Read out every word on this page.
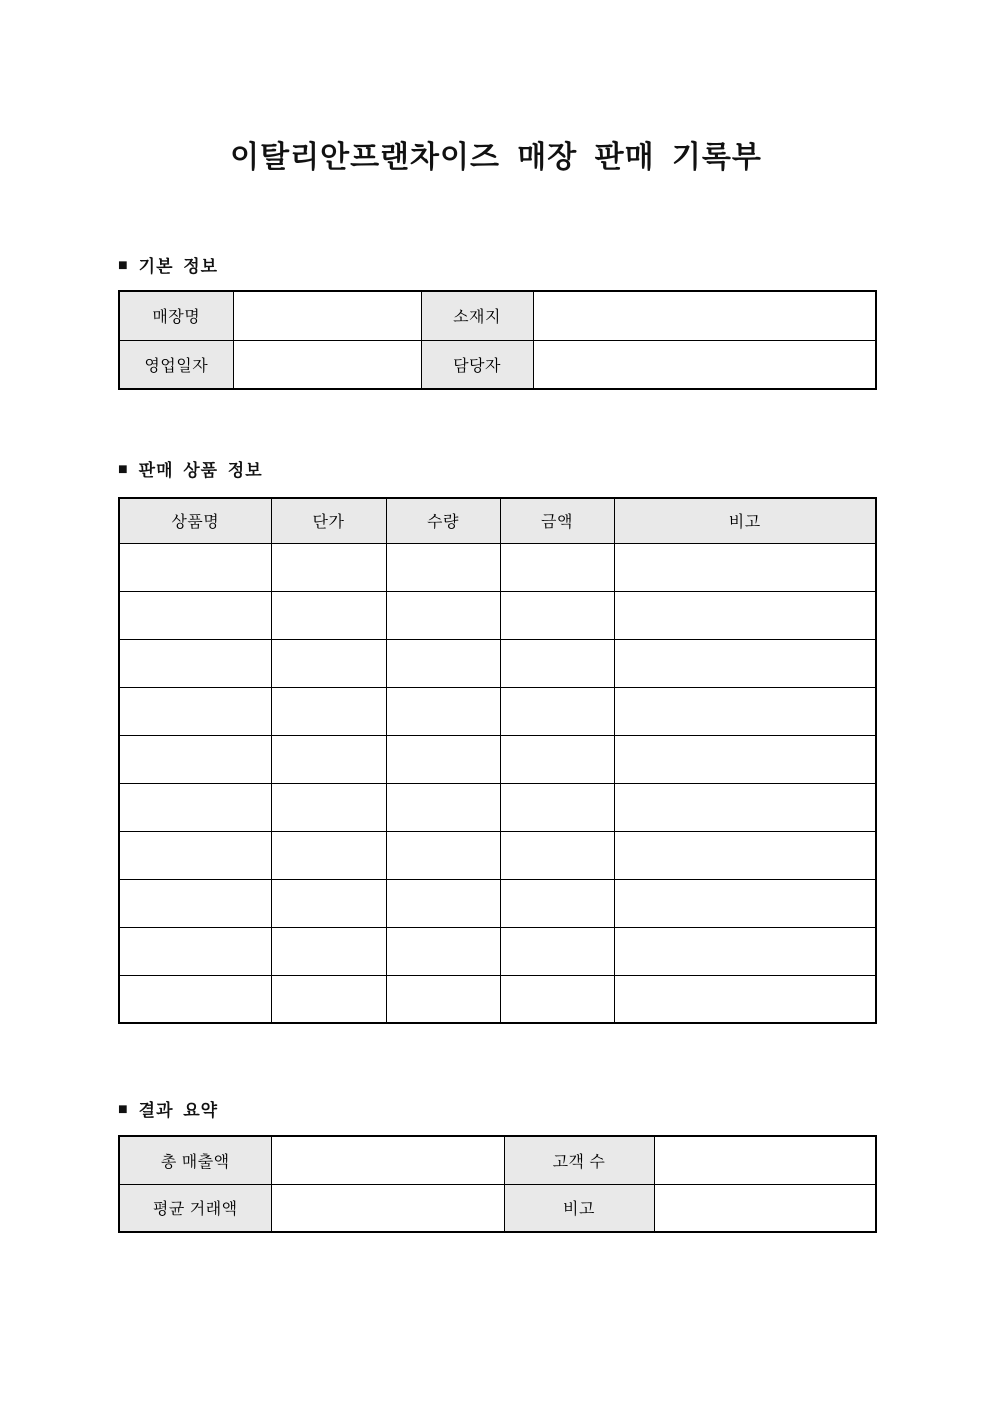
이탈리안프랜차이즈 매장 판매 기록부
■ 기본 정보
매장명		소재지	
영업일자		담당자	
■ 판매 상품 정보
상품명	단가	수량	금액	비고

■ 결과 요약
총 매출액		고객 수	
평균 거래액		비고	
